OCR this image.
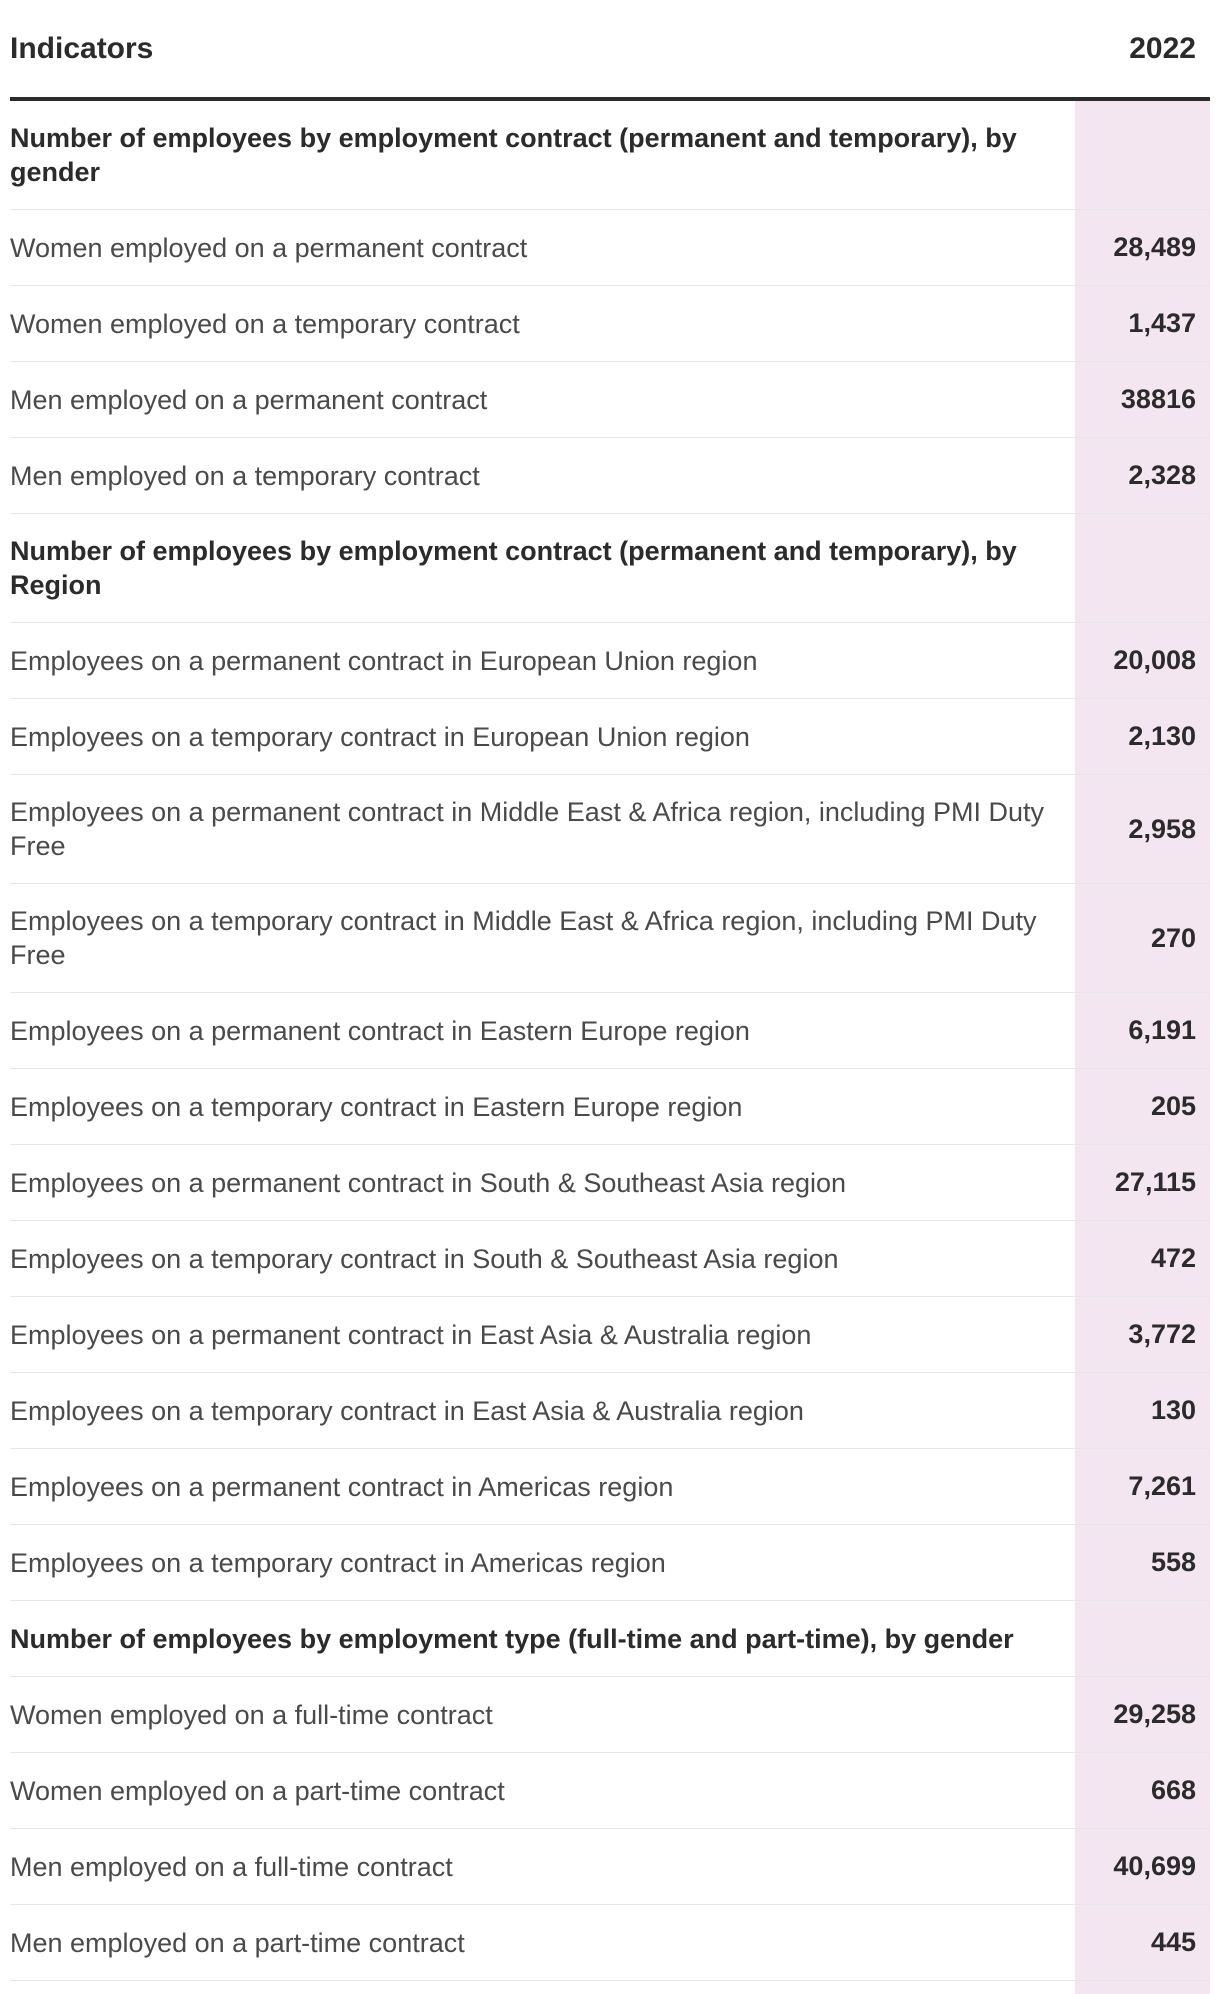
Indicators	2022
Number of employees by employment contract (permanent and temporary), by gender	
Women employed on a permanent contract	28,489
Women employed on a temporary contract	1,437
Men employed on a permanent contract	38816
Men employed on a temporary contract	2,328
Number of employees by employment contract (permanent and temporary), by Region	
Employees on a permanent contract in European Union region	20,008
Employees on a temporary contract in European Union region	2,130
Employees on a permanent contract in Middle East & Africa region, including PMI Duty Free	2,958
Employees on a temporary contract in Middle East & Africa region, including PMI Duty Free	270
Employees on a permanent contract in Eastern Europe region	6,191
Employees on a temporary contract in Eastern Europe region	205
Employees on a permanent contract in South & Southeast Asia region	27,115
Employees on a temporary contract in South & Southeast Asia region	472
Employees on a permanent contract in East Asia & Australia region	3,772
Employees on a temporary contract in East Asia & Australia region	130
Employees on a permanent contract in Americas region	7,261
Employees on a temporary contract in Americas region	558
Number of employees by employment type (full-time and part-time), by gender	
Women employed on a full-time contract	29,258
Women employed on a part-time contract	668
Men employed on a full-time contract	40,699
Men employed on a part-time contract	445
